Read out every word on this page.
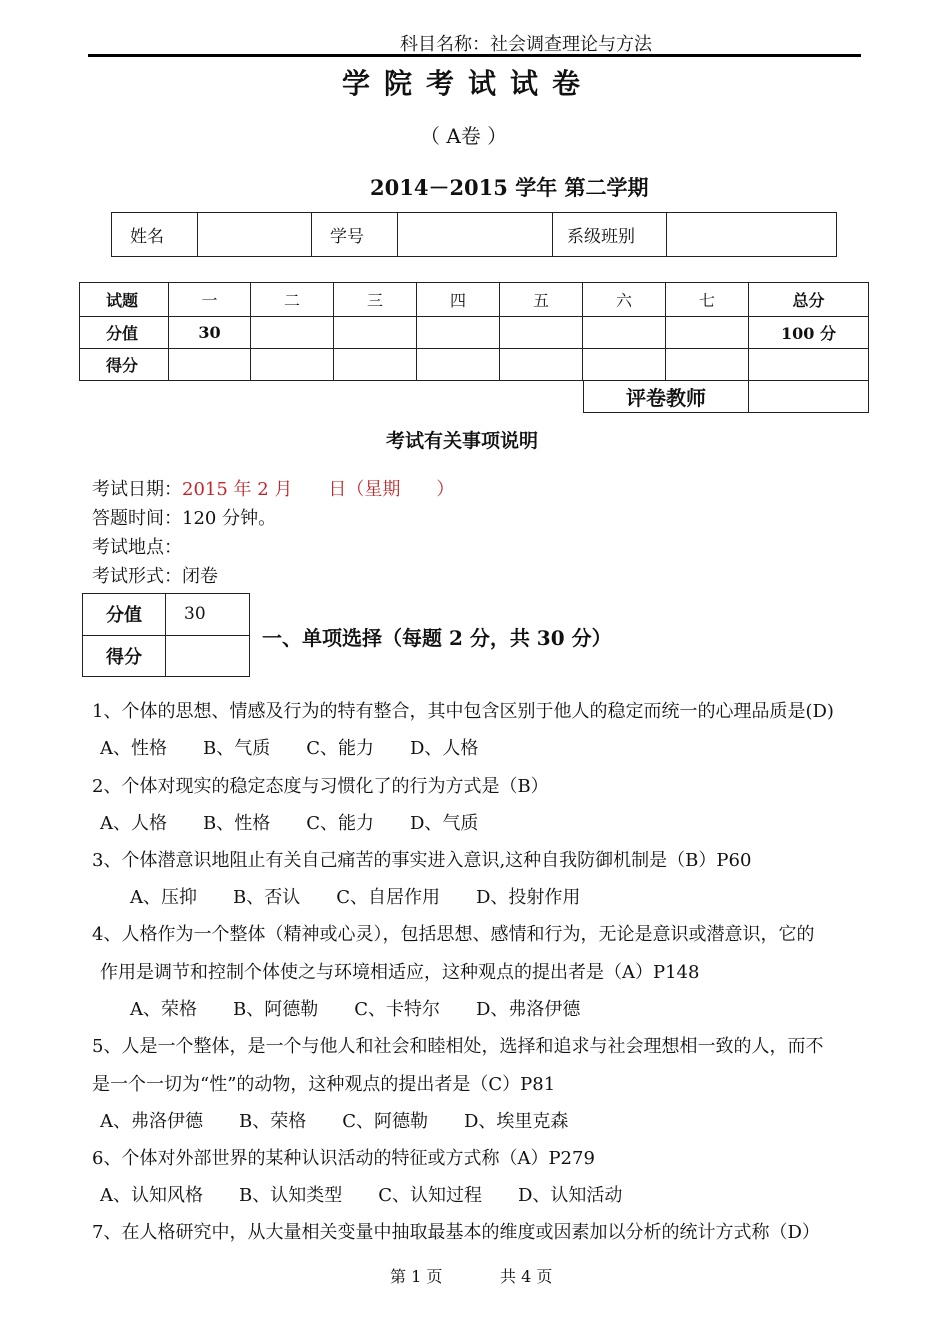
科目名称：社会调查理论与方法
学院考试试卷
（ A卷 ）
2014－2015 学年 第二学期
姓名		学号		系级班别	
试题	一	二	三	四	五	六	七	总分
分值	30							100 分
得分								
评卷教师	
考试有关事项说明
考试日期：2015 年 2 月　　日（星期　　）
答题时间：120 分钟。
考试地点：
考试形式：闭卷
分值	30
得分	
一、单项选择（每题 2 分，共 30 分）
1、个体的思想、情感及行为的特有整合，其中包含区别于他人的稳定而统一的心理品质是(D)
A、性格　　B、气质　　C、能力　　D、人格
2、个体对现实的稳定态度与习惯化了的行为方式是（B）
A、人格　　B、性格　　C、能力　　D、气质
3、个体潜意识地阻止有关自己痛苦的事实进入意识,这种自我防御机制是（B）P60
A、压抑　　B、否认　　C、自居作用　　D、投射作用
4、人格作为一个整体（精神或心灵），包括思想、感情和行为，无论是意识或潜意识，它的
作用是调节和控制个体使之与环境相适应，这种观点的提出者是（A）P148
A、荣格　　B、阿德勒　　C、卡特尔　　D、弗洛伊德
5、人是一个整体，是一个与他人和社会和睦相处，选择和追求与社会理想相一致的人，而不
是一个一切为“性”的动物，这种观点的提出者是（C）P81
A、弗洛伊德　　B、荣格　　C、阿德勒　　D、埃里克森
6、个体对外部世界的某种认识活动的特征或方式称（A）P279
A、认知风格　　B、认知类型　　C、认知过程　　D、认知活动
7、在人格研究中，从大量相关变量中抽取最基本的维度或因素加以分析的统计方式称（D）
第 1 页	共 4 页
